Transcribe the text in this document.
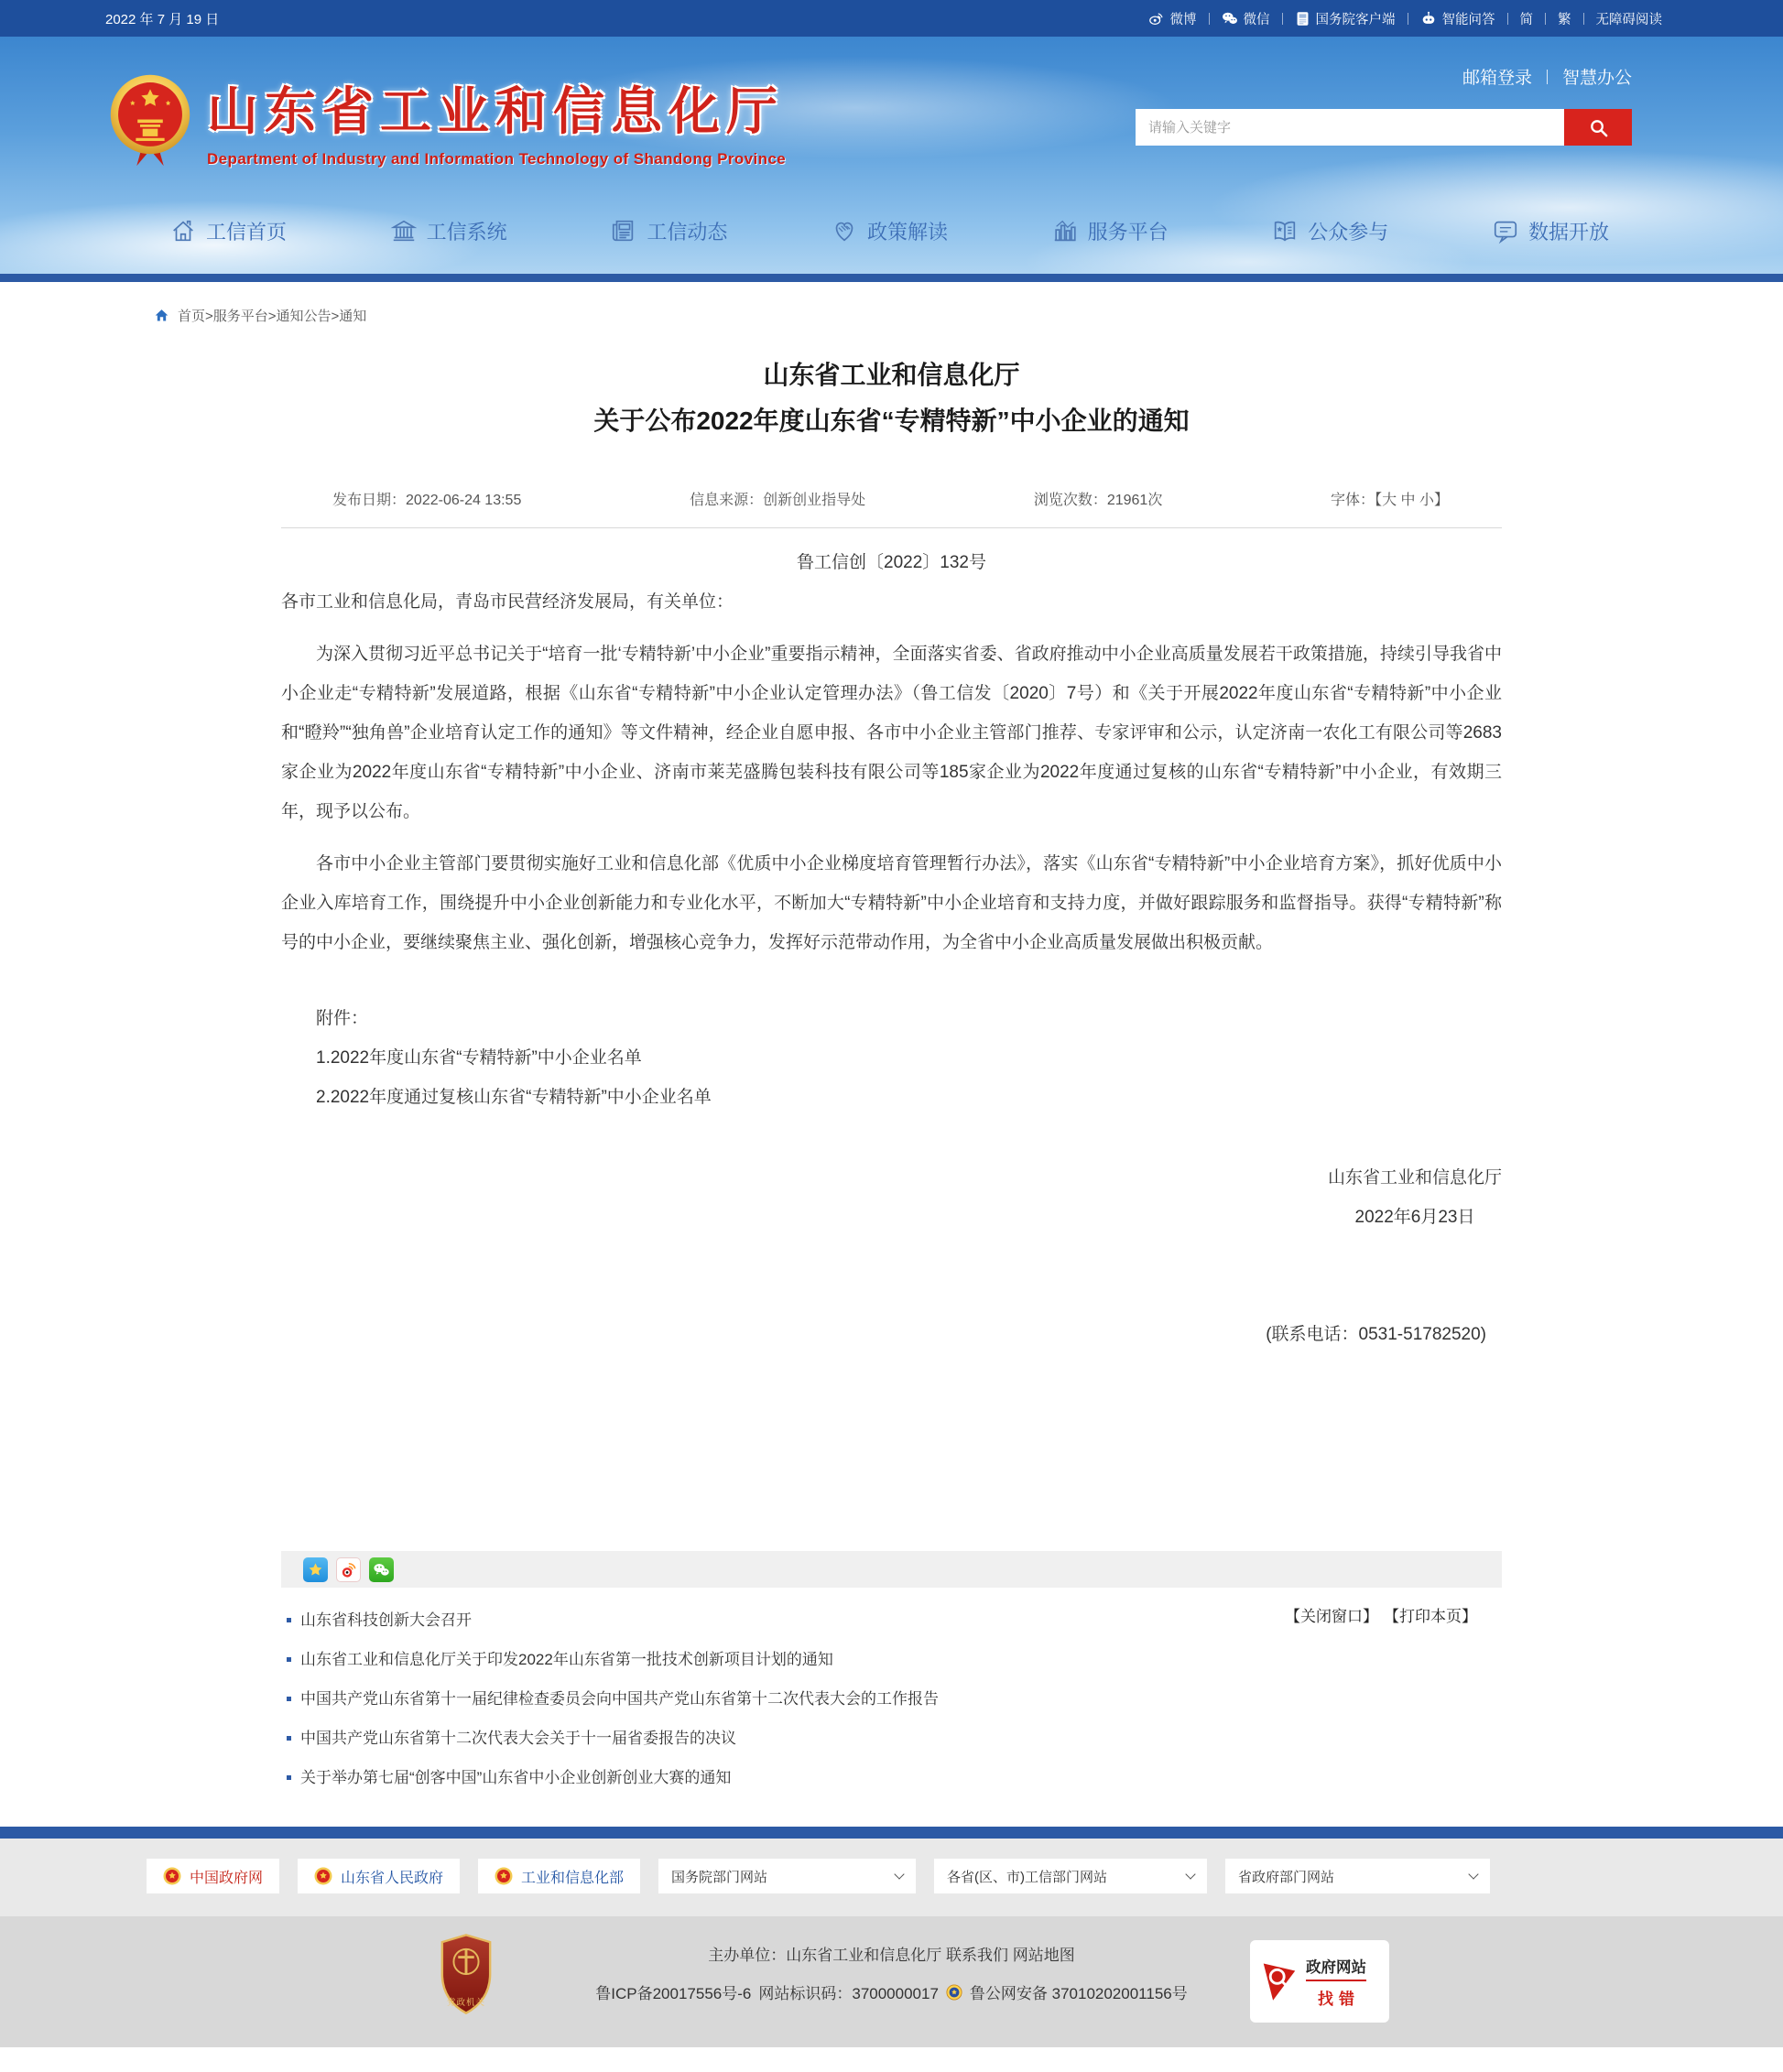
2022 年 7 月 19 日	微博	微信	国务院客户端	智能问答 简 繁 无障碍阅读
山东省工业和信息化厅
Department of Industry and Information Technology of Shandong Province
邮箱登录 智慧办公
请输入关键字
工信首页	工信系统	工信动态	政策解读	服务平台	公众参与	数据开放
首页>服务平台>通知公告>通知
山东省工业和信息化厅
关于公布2022年度山东省“专精特新”中小企业的通知
发布日期：2022-06-24 13:55	信息来源：创新创业指导处	浏览次数：21961次	字体：【大 中 小】

鲁工信创〔2022〕132号

各市工业和信息化局，青岛市民营经济发展局，有关单位：

为深入贯彻习近平总书记关于“培育一批‘专精特新’中小企业”重要指示精神，全面落实省委、省政府推动中小企业高质量发展若干政策措施，持续引导我省中小企业走“专精特新”发展道路，根据《山东省“专精特新”中小企业认定管理办法》（鲁工信发〔2020〕7号）和《关于开展2022年度山东省“专精特新”中小企业和“瞪羚”“独角兽”企业培育认定工作的通知》等文件精神，经企业自愿申报、各市中小企业主管部门推荐、专家评审和公示，认定济南一农化工有限公司等2683家企业为2022年度山东省“专精特新”中小企业、济南市莱芜盛腾包装科技有限公司等185家企业为2022年度通过复核的山东省“专精特新”中小企业，有效期三年，现予以公布。

各市中小企业主管部门要贯彻实施好工业和信息化部《优质中小企业梯度培育管理暂行办法》，落实《山东省“专精特新”中小企业培育方案》，抓好优质中小企业入库培育工作，围绕提升中小企业创新能力和专业化水平，不断加大“专精特新”中小企业培育和支持力度，并做好跟踪服务和监督指导。获得“专精特新”称号的中小企业，要继续聚焦主业、强化创新，增强核心竞争力，发挥好示范带动作用，为全省中小企业高质量发展做出积极贡献。

附件：
1.2022年度山东省“专精特新”中小企业名单
2.2022年度通过复核山东省“专精特新”中小企业名单
山东省工业和信息化厅
2022年6月23日

(联系电话：0531-51782520)

【关闭窗口】 【打印本页】
山东省科技创新大会召开
山东省工业和信息化厅关于印发2022年山东省第一批技术创新项目计划的通知
中国共产党山东省第十一届纪律检查委员会向中国共产党山东省第十二次代表大会的工作报告
中国共产党山东省第十二次代表大会关于十一届省委报告的决议
关于举办第七届“创客中国”山东省中小企业创新创业大赛的通知
中国政府网	山东省人民政府	工业和信息化部	国务院部门网站	各省(区、市)工信部门网站	省政府部门网站
党政机关
主办单位：山东省工业和信息化厅 联系我们 网站地图
鲁ICP备20017556号-6 网站标识码：3700000017 鲁公网安备 37010202001156号
政府网站
找错
